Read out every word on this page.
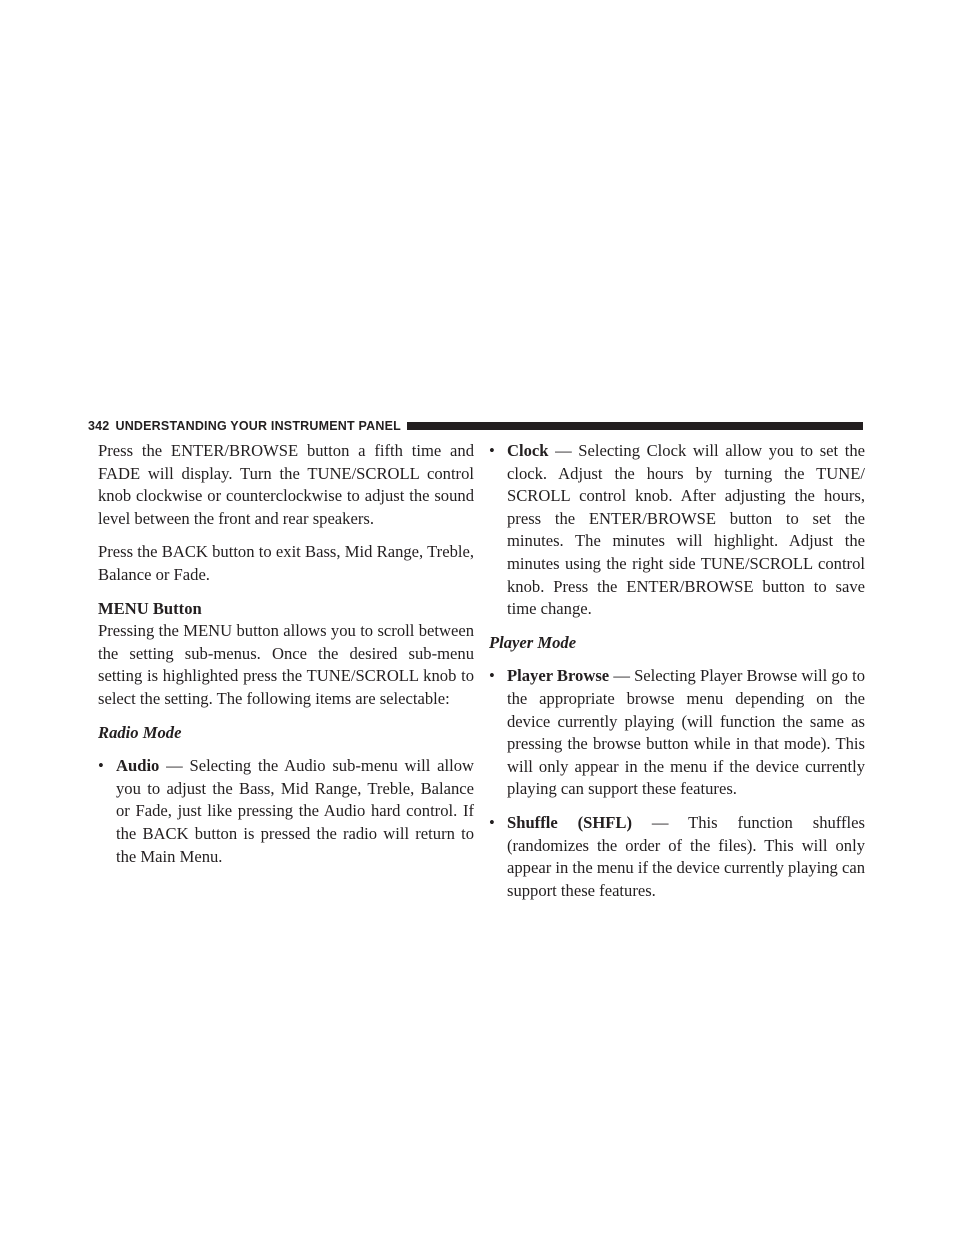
342 UNDERSTANDING YOUR INSTRUMENT PANEL

Press the ENTER/BROWSE button a fifth time and FADE will display. Turn the TUNE/SCROLL control knob clockwise or counterclockwise to adjust the sound level between the front and rear speakers.

Press the BACK button to exit Bass, Mid Range, Treble, Balance or Fade.

MENU Button

Pressing the MENU button allows you to scroll between the setting sub-menus. Once the desired sub-menu setting is highlighted press the TUNE/SCROLL knob to select the setting. The following items are selectable:

Radio Mode

• Audio — Selecting the Audio sub-menu will allow you to adjust the Bass, Mid Range, Treble, Balance or Fade, just like pressing the Audio hard control. If the BACK button is pressed the radio will return to the Main Menu.
• Clock — Selecting Clock will allow you to set the clock. Adjust the hours by turning the TUNE/ SCROLL control knob. After adjusting the hours, press the ENTER/BROWSE button to set the minutes. The minutes will highlight. Adjust the minutes using the right side TUNE/SCROLL control knob. Press the ENTER/BROWSE button to save time change.

Player Mode

• Player Browse — Selecting Player Browse will go to the appropriate browse menu depending on the device currently playing (will function the same as pressing the browse button while in that mode). This will only appear in the menu if the device currently playing can support these features.
• Shuffle (SHFL) — This function shuffles (randomizes the order of the files). This will only appear in the menu if the device currently playing can support these features.
